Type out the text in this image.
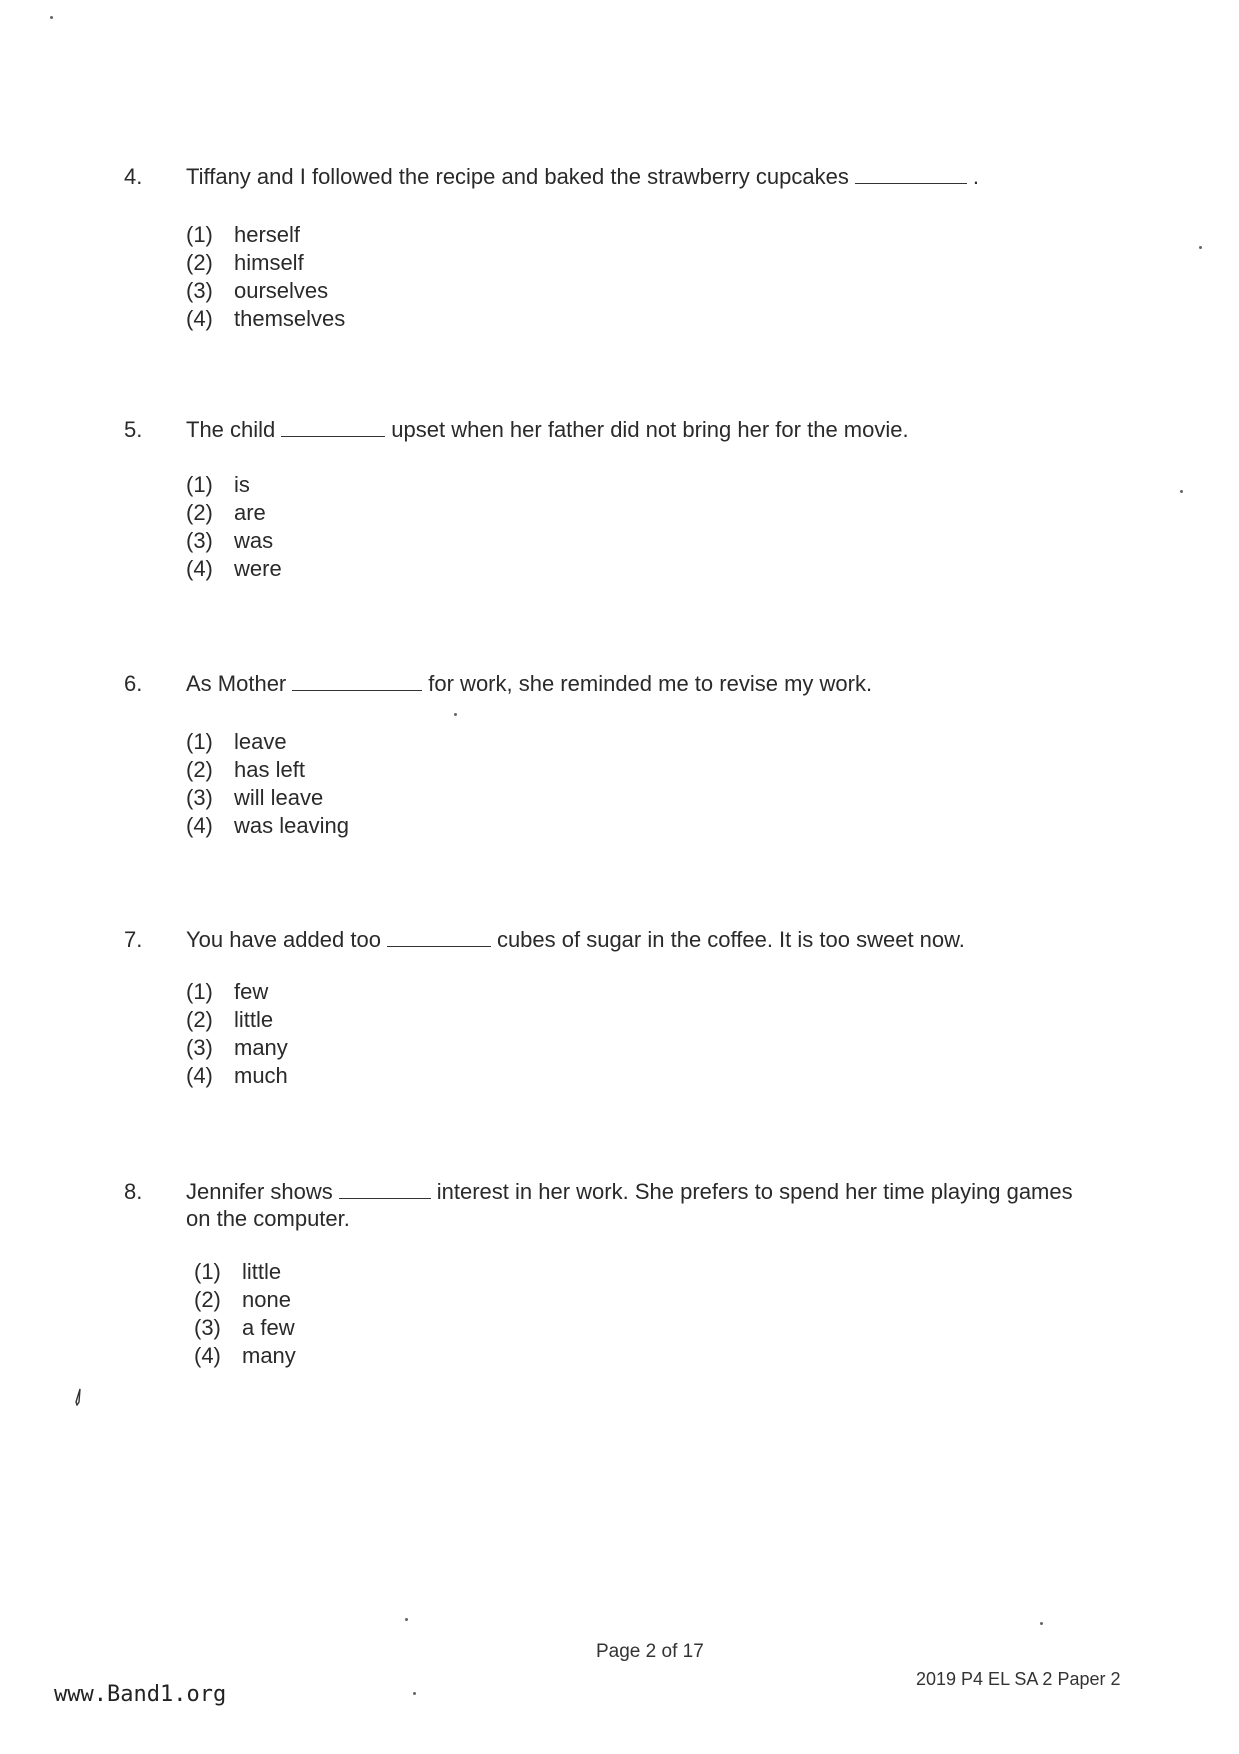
4. Tiffany and I followed the recipe and baked the strawberry cupcakes	.
(1) herself
(2) himself
(3) ourselves
(4) themselves
5. The child	upset when her father did not bring her for the movie.
(1) is
(2) are
(3) was
(4) were
6. As Mother	for work, she reminded me to revise my work.
(1) leave
(2) has left
(3) will leave
(4) was leaving
7. You have added too	cubes of sugar in the coffee. It is too sweet now.
(1) few
(2) little
(3) many
(4) much
8. Jennifer shows	interest in her work. She prefers to spend her time playing games on the computer.
(1) little
(2) none
(3) a few
(4) many
Page 2 of 17
2019 P4 EL SA 2 Paper 2
www.Band1.org
